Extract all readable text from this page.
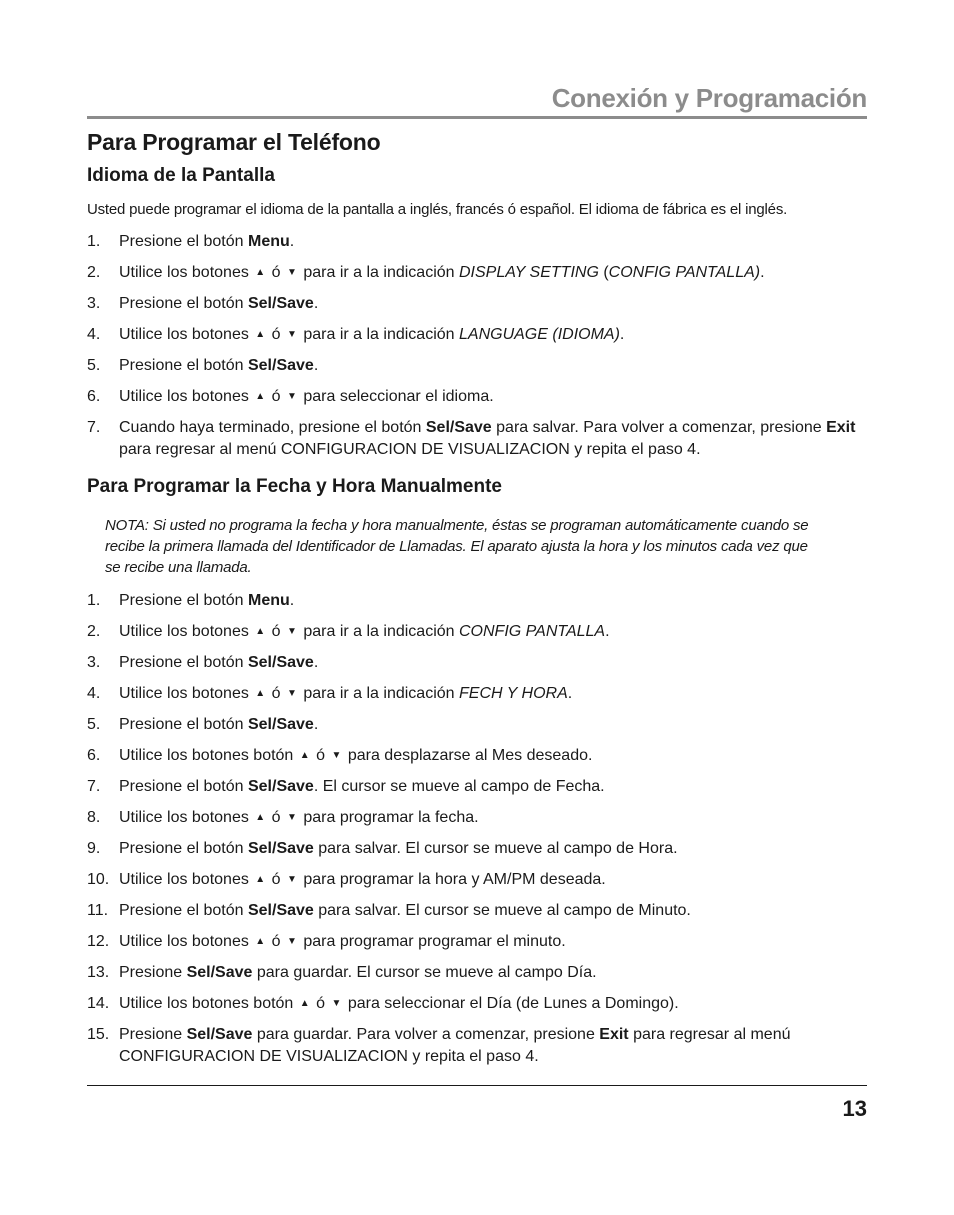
Conexión y Programación
Para Programar el Teléfono
Idioma de la Pantalla

Usted puede programar el idioma de la pantalla a inglés, francés ó español. El idioma de fábrica es el inglés.

1. Presione el botón Menu.
2. Utilice los botones ▲ ó ▼ para ir a la indicación DISPLAY SETTING (CONFIG PANTALLA).
3. Presione el botón Sel/Save.
4. Utilice los botones ▲ ó ▼ para ir a la indicación LANGUAGE (IDIOMA).
5. Presione el botón Sel/Save.
6. Utilice los botones ▲ ó ▼ para seleccionar el idioma.
7. Cuando haya terminado, presione el botón Sel/Save para salvar. Para volver a comenzar, presione Exit para regresar al menú CONFIGURACION DE VISUALIZACION y repita el paso 4.
Para Programar la Fecha y Hora Manualmente

NOTA: Si usted no programa la fecha y hora manualmente, éstas se programan automáticamente cuando se recibe la primera llamada del Identificador de Llamadas. El aparato ajusta la hora y los minutos cada vez que se recibe una llamada.

1. Presione el botón Menu.
2. Utilice los botones ▲ ó ▼ para ir a la indicación CONFIG PANTALLA.
3. Presione el botón Sel/Save.
4. Utilice los botones ▲ ó ▼ para ir a la indicación FECH Y HORA.
5. Presione el botón Sel/Save.
6. Utilice los botones botón ▲ ó ▼ para desplazarse al Mes deseado.
7. Presione el botón Sel/Save. El cursor se mueve al campo de Fecha.
8. Utilice los botones ▲ ó ▼ para programar la fecha.
9. Presione el botón Sel/Save para salvar. El cursor se mueve al campo de Hora.
10. Utilice los botones ▲ ó ▼ para programar la hora y AM/PM deseada.
11. Presione el botón Sel/Save para salvar. El cursor se mueve al campo de Minuto.
12. Utilice los botones ▲ ó ▼ para programar programar el minuto.
13. Presione Sel/Save para guardar. El cursor se mueve al campo Día.
14. Utilice los botones botón ▲ ó ▼ para seleccionar el Día (de Lunes a Domingo).
15. Presione Sel/Save para guardar. Para volver a comenzar, presione Exit para regresar al menú CONFIGURACION DE VISUALIZACION y repita el paso 4.
13
